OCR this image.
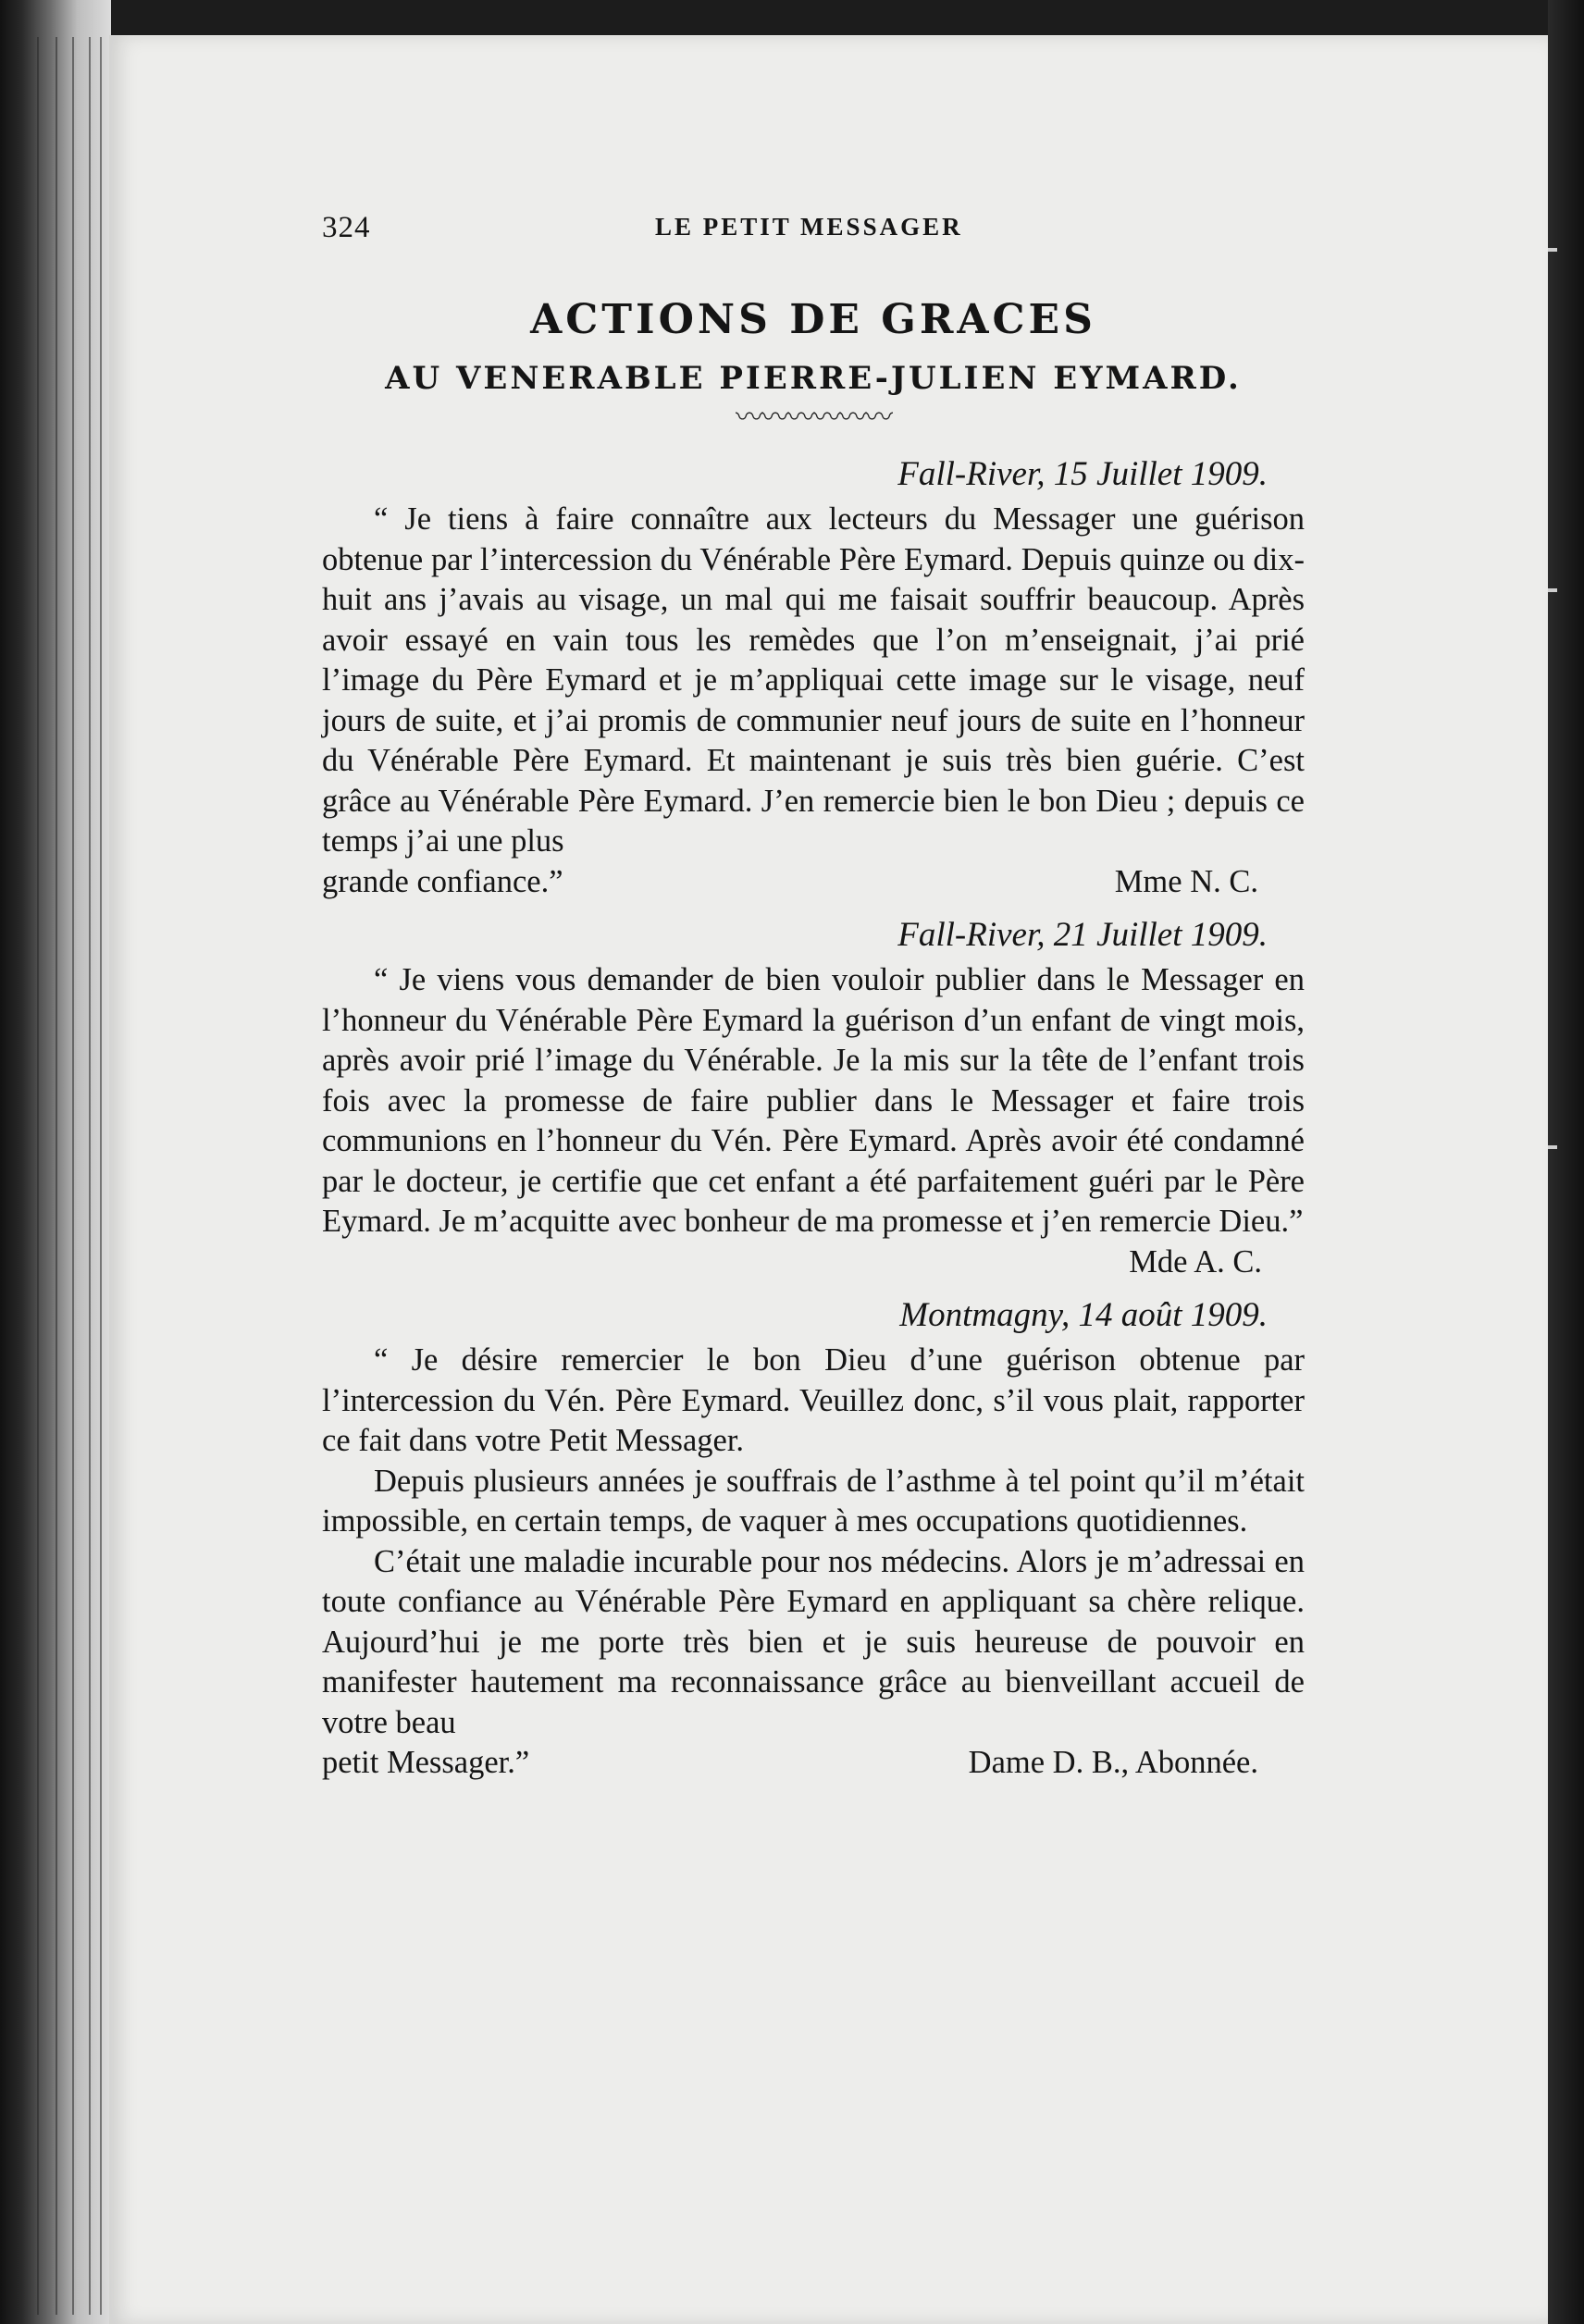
324	LE PETIT MESSAGER
ACTIONS DE GRACES
AU VENERABLE PIERRE-JULIEN EYMARD.
〰〰〰〰〰〰
Fall-River, 15 Juillet 1909.

“ Je tiens à faire connaître aux lecteurs du Messager une guérison obtenue par l’intercession du Vénérable Père Eymard. Depuis quinze ou dix-huit ans j’avais au visage, un mal qui me faisait souffrir beaucoup. Après avoir essayé en vain tous les remèdes que l’on m’enseignait, j’ai prié l’image du Père Eymard et je m’appliquai cette image sur le visage, neuf jours de suite, et j’ai promis de communier neuf jours de suite en l’honneur du Vénérable Père Eymard. Et maintenant je suis très bien guérie. C’est grâce au Vénérable Père Eymard. J’en remercie bien le bon Dieu ; depuis ce temps j’ai une plus

grande confiance.”	Mme N. C.
Fall-River, 21 Juillet 1909.

“ Je viens vous demander de bien vouloir publier dans le Messager en l’honneur du Vénérable Père Eymard la guérison d’un enfant de vingt mois, après avoir prié l’image du Vénérable. Je la mis sur la tête de l’enfant trois fois avec la promesse de faire publier dans le Messager et faire trois communions en l’honneur du Vén. Père Eymard. Après avoir été condamné par le docteur, je certifie que cet enfant a été parfaitement guéri par le Père Eymard. Je m’acquitte avec bonheur de ma promesse et j’en remercie Dieu.”

Mde A. C.
Montmagny, 14 août 1909.

“ Je désire remercier le bon Dieu d’une guérison obtenue par l’intercession du Vén. Père Eymard. Veuillez donc, s’il vous plait, rapporter ce fait dans votre Petit Messager.

Depuis plusieurs années je souffrais de l’asthme à tel point qu’il m’était impossible, en certain temps, de vaquer à mes occupations quotidiennes.

C’était une maladie incurable pour nos médecins. Alors je m’adressai en toute confiance au Vénérable Père Eymard en appliquant sa chère relique. Aujourd’hui je me porte très bien et je suis heureuse de pouvoir en manifester hautement ma reconnaissance grâce au bienveillant accueil de votre beau

petit Messager.”	Dame D. B., Abonnée.
